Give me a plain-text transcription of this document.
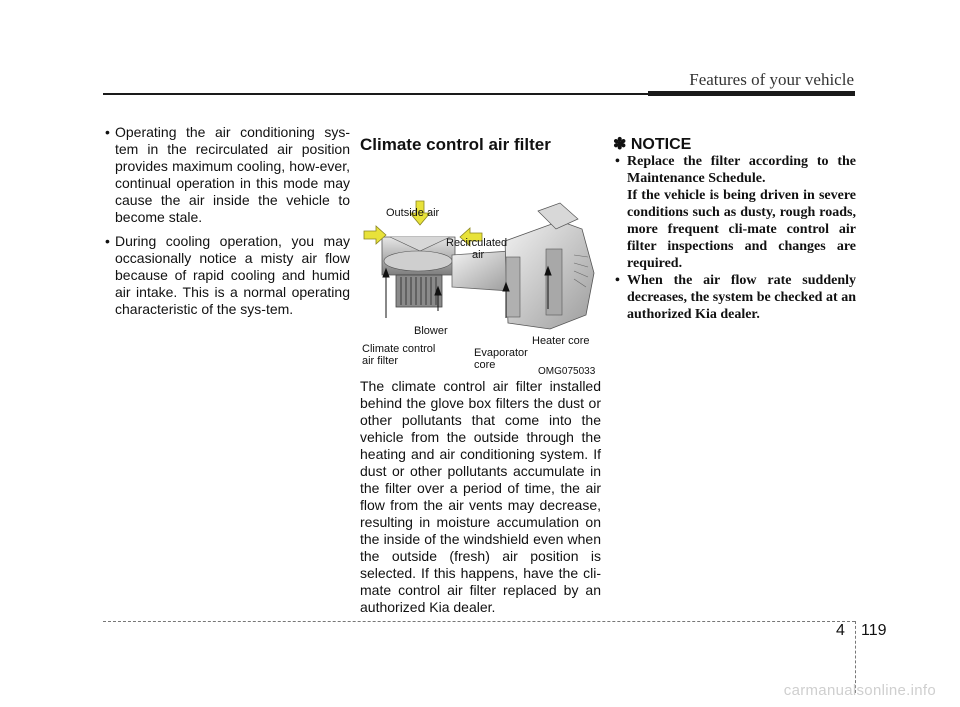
Features of your vehicle
• Operating the air conditioning sys-tem in the recirculated air position provides maximum cooling, how-ever, continual operation in this mode may cause the air inside the vehicle to become stale.
• During cooling operation, you may occasionally notice a misty air flow because of rapid cooling and humid air intake. This is a normal operating characteristic of the sys-tem.
Climate control air filter
Outside air
Recirculated
air
Blower
Climate control
air filter
Evaporator
core
Heater core
OMG075033
The climate control air filter installed behind the glove box filters the dust or other pollutants that come into the vehicle from the outside through the heating and air conditioning system. If dust or other pollutants accumulate in the filter over a period of time, the air flow from the air vents may decrease, resulting in moisture accumulation on the inside of the windshield even when the outside (fresh) air position is selected. If this happens, have the cli-mate control air filter replaced by an authorized Kia dealer.
✽ NOTICE
• Replace the filter according to the Maintenance Schedule.
If the vehicle is being driven in severe conditions such as dusty, rough roads, more frequent cli-mate control air filter inspections and changes are required.
• When the air flow rate suddenly decreases, the system be checked at an authorized Kia dealer.
4 119
carmanualsonline.info
